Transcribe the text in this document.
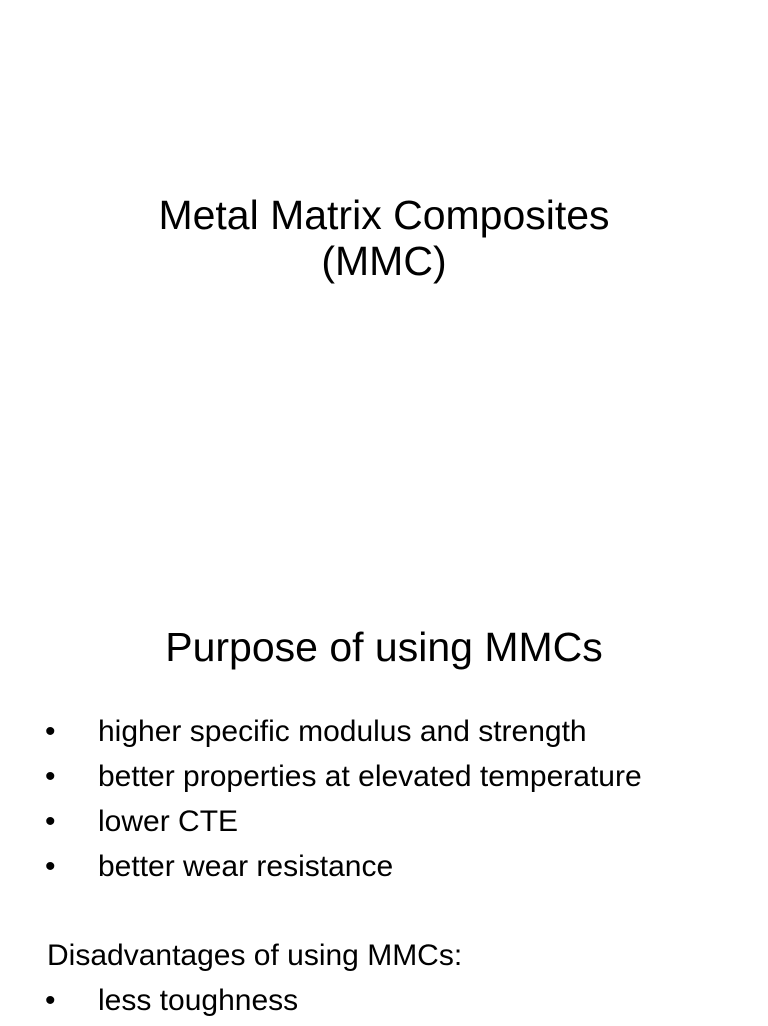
Metal Matrix Composites
(MMC)
Purpose of using MMCs
• higher specific modulus and strength
• better properties at elevated temperature
• lower CTE
• better wear resistance

Disadvantages of using MMCs:

• less toughness
